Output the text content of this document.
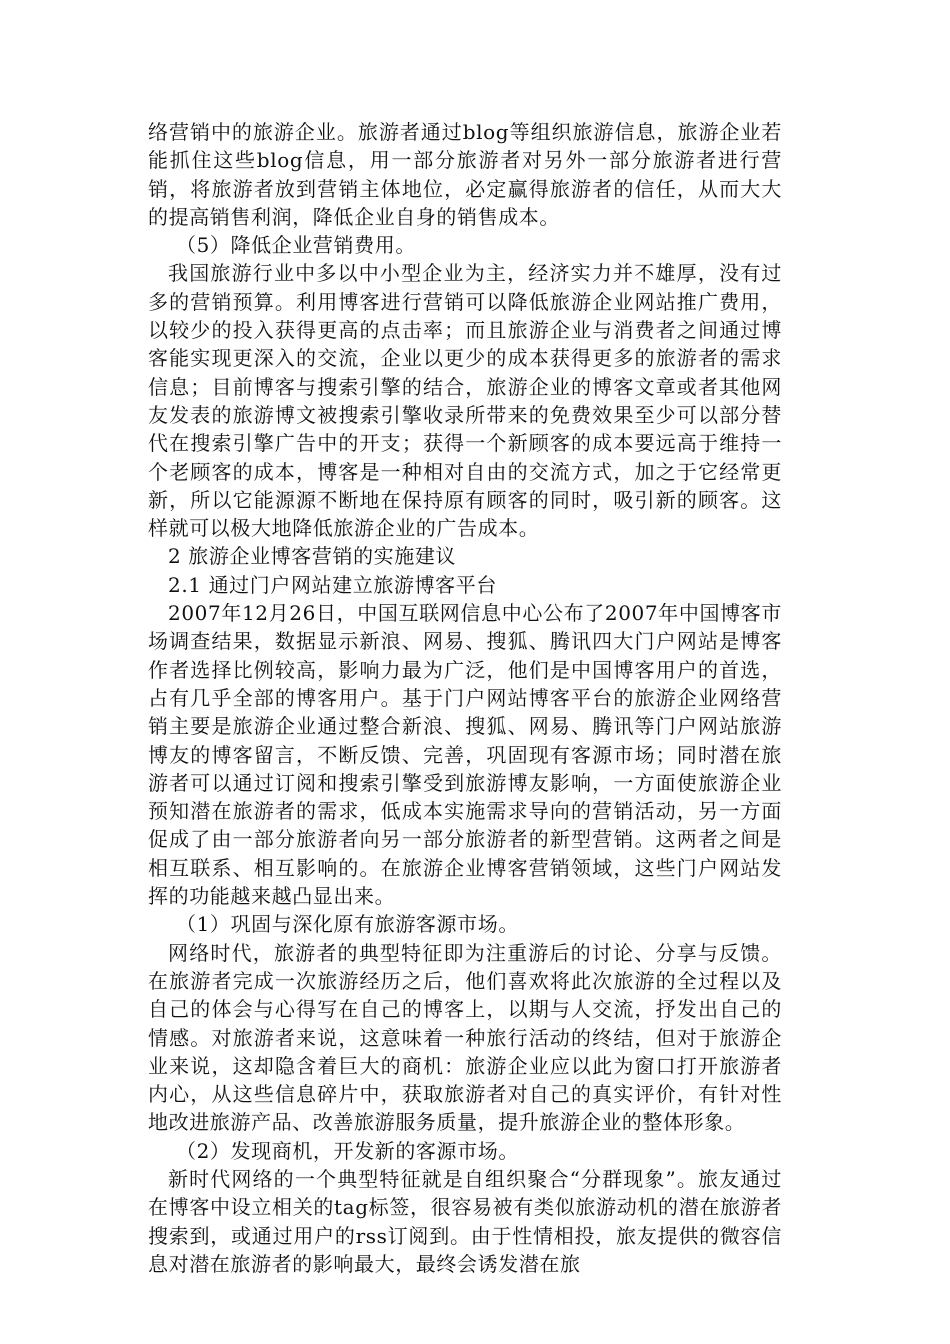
络营销中的旅游企业。旅游者通过blog等组织旅游信息，旅游企业若能抓住这些blog信息，用一部分旅游者对另外一部分旅游者进行营销，将旅游者放到营销主体地位，必定赢得旅游者的信任，从而大大的提高销售利润，降低企业自身的销售成本。

（5）降低企业营销费用。

我国旅游行业中多以中小型企业为主，经济实力并不雄厚，没有过多的营销预算。利用博客进行营销可以降低旅游企业网站推广费用，以较少的投入获得更高的点击率；而且旅游企业与消费者之间通过博客能实现更深入的交流，企业以更少的成本获得更多的旅游者的需求信息；目前博客与搜索引擎的结合，旅游企业的博客文章或者其他网友发表的旅游博文被搜索引擎收录所带来的免费效果至少可以部分替代在搜索引擎广告中的开支；获得一个新顾客的成本要远高于维持一个老顾客的成本，博客是一种相对自由的交流方式，加之于它经常更新，所以它能源源不断地在保持原有顾客的同时，吸引新的顾客。这样就可以极大地降低旅游企业的广告成本。

2 旅游企业博客营销的实施建议

2.1 通过门户网站建立旅游博客平台

2007年12月26日，中国互联网信息中心公布了2007年中国博客市场调查结果，数据显示新浪、网易、搜狐、腾讯四大门户网站是博客作者选择比例较高，影响力最为广泛，他们是中国博客用户的首选，占有几乎全部的博客用户。基于门户网站博客平台的旅游企业网络营销主要是旅游企业通过整合新浪、搜狐、网易、腾讯等门户网站旅游博友的博客留言，不断反馈、完善，巩固现有客源市场；同时潜在旅游者可以通过订阅和搜索引擎受到旅游博友影响，一方面使旅游企业预知潜在旅游者的需求，低成本实施需求导向的营销活动，另一方面促成了由一部分旅游者向另一部分旅游者的新型营销。这两者之间是相互联系、相互影响的。在旅游企业博客营销领域，这些门户网站发挥的功能越来越凸显出来。

（1）巩固与深化原有旅游客源市场。

网络时代，旅游者的典型特征即为注重游后的讨论、分享与反馈。在旅游者完成一次旅游经历之后，他们喜欢将此次旅游的全过程以及自己的体会与心得写在自己的博客上，以期与人交流，抒发出自己的情感。对旅游者来说，这意味着一种旅行活动的终结，但对于旅游企业来说，这却隐含着巨大的商机：旅游企业应以此为窗口打开旅游者内心，从这些信息碎片中，获取旅游者对自己的真实评价，有针对性地改进旅游产品、改善旅游服务质量，提升旅游企业的整体形象。

（2）发现商机，开发新的客源市场。

新时代网络的一个典型特征就是自组织聚合“分群现象”。旅友通过在博客中设立相关的tag标签，很容易被有类似旅游动机的潜在旅游者搜索到，或通过用户的rss订阅到。由于性情相投，旅友提供的微容信息对潜在旅游者的影响最大，最终会诱发潜在旅
